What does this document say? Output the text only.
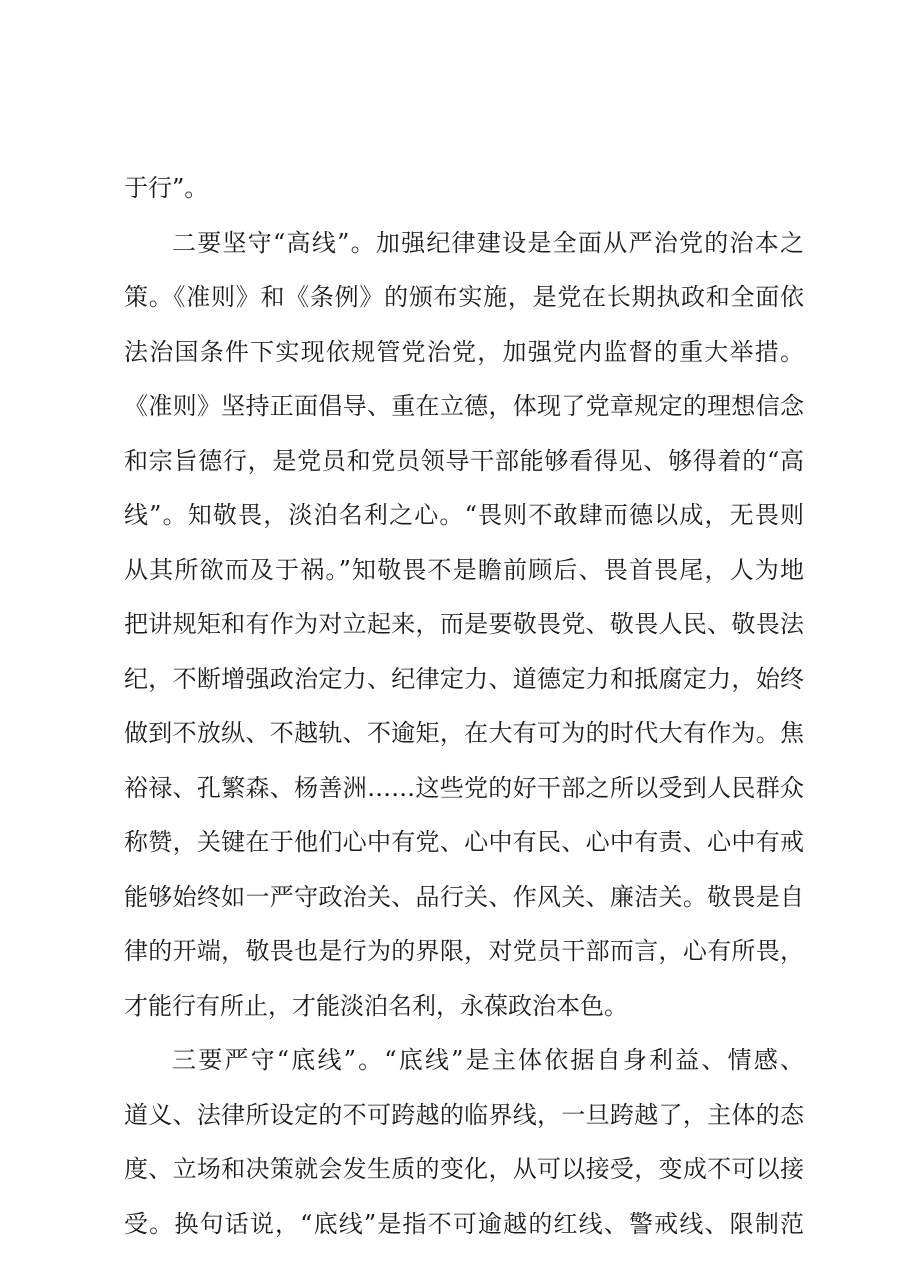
于行”。
二要坚守“高线”。加强纪律建设是全面从严治党的治本之
策。《准则》和《条例》的颁布实施，是党在长期执政和全面依
法治国条件下实现依规管党治党，加强党内监督的重大举措。
《准则》坚持正面倡导、重在立德，体现了党章规定的理想信念
和宗旨德行，是党员和党员领导干部能够看得见、够得着的“高
线”。知敬畏，淡泊名利之心。“畏则不敢肆而德以成，无畏则
从其所欲而及于祸。”知敬畏不是瞻前顾后、畏首畏尾，人为地
把讲规矩和有作为对立起来，而是要敬畏党、敬畏人民、敬畏法
纪，不断增强政治定力、纪律定力、道德定力和抵腐定力，始终
做到不放纵、不越轨、不逾矩，在大有可为的时代大有作为。焦
裕禄、孔繁森、杨善洲……这些党的好干部之所以受到人民群众
称赞，关键在于他们心中有党、心中有民、心中有责、心中有戒
能够始终如一严守政治关、品行关、作风关、廉洁关。敬畏是自
律的开端，敬畏也是行为的界限，对党员干部而言，心有所畏，
才能行有所止，才能淡泊名利，永葆政治本色。
三要严守“底线”。“底线”是主体依据自身利益、情感、
道义、法律所设定的不可跨越的临界线，一旦跨越了，主体的态
度、立场和决策就会发生质的变化，从可以接受，变成不可以接
受。换句话说，“底线”是指不可逾越的红线、警戒线、限制范
